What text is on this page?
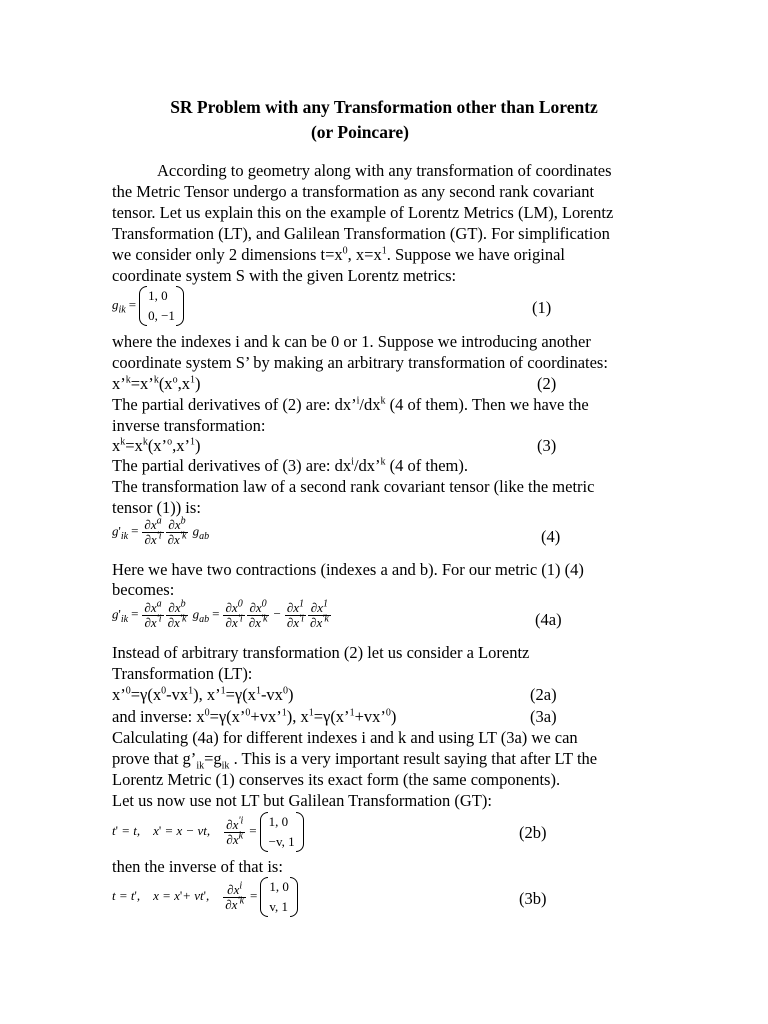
SR Problem with any Transformation other than Lorentz
(or Poincare)
According to geometry along with any transformation of coordinates
the Metric Tensor undergo a transformation as any second rank covariant
tensor. Let us explain this on the example of Lorentz Metrics (LM), Lorentz
Transformation (LT), and Galilean Transformation (GT). For simplification
we consider only 2 dimensions $t=x^0$, $x=x^1$. Suppose we have original
coordinate system S with the given Lorentz metrics:
$g_{ik}$ =
1, 0
0, −1	(1)
where the indexes i and k can be 0 or 1. Suppose we introducing another
coordinate system S’ by making an arbitrary transformation of coordinates:
$x’^k=x’^k(x^o,x^1)$	(2)
The partial derivatives of (2) are: $dx’^i/dx^k$ (4 of them). Then we have the
inverse transformation:
$x^k=x^k(x’^o,x’^1)$	(3)
The partial derivatives of (3) are: $dx^i/dx’^k$ (4 of them).
The transformation law of a second rank covariant tensor (like the metric
tensor (1)) is:
$g'_{ik} = \frac{\partial x^a}{\partial x^{'i}} \frac{\partial x^b}{\partial x^{'k}} g_{ab}$	(4)
Here we have two contractions (indexes a and b). For our metric (1) (4)
becomes:
$g'_{ik} = \frac{\partial x^a}{\partial x^{'i}} \frac{\partial x^b}{\partial x^{'k}} g_{ab} = \frac{\partial x^0}{\partial x^{'i}} \frac{\partial x^0}{\partial x^{'k}} - \frac{\partial x^1}{\partial x^{'i}} \frac{\partial x^1}{\partial x^{'k}}$	(4a)
Instead of arbitrary transformation (2) let us consider a Lorentz
Transformation (LT):
$x’^0=\gamma(x^0-vx^1)$, $x’^1=\gamma(x^1-vx^0)$	(2a)
and inverse: $x^0=\gamma(x’^0+vx’^1)$, $x^1=\gamma(x’^1+vx’^0)$	(3a)
Calculating (4a) for different indexes i and k and using LT (3a) we can
prove that $g’_{ik}=g_{ik}$ . This is a very important result saying that after LT the
Lorentz Metric (1) conserves its exact form (the same components).
Let us now use not LT but Galilean Transformation (GT):
t' = t,    x' = x − vt, $\frac{\partial x^{'i}}{\partial x^k}$ =
1, 0
−v, 1	(2b)
then the inverse of that is:
t = t',    x = x'+ vt', $\frac{\partial x^i}{\partial x^{'k}}$ =
1, 0
v, 1	(3b)
